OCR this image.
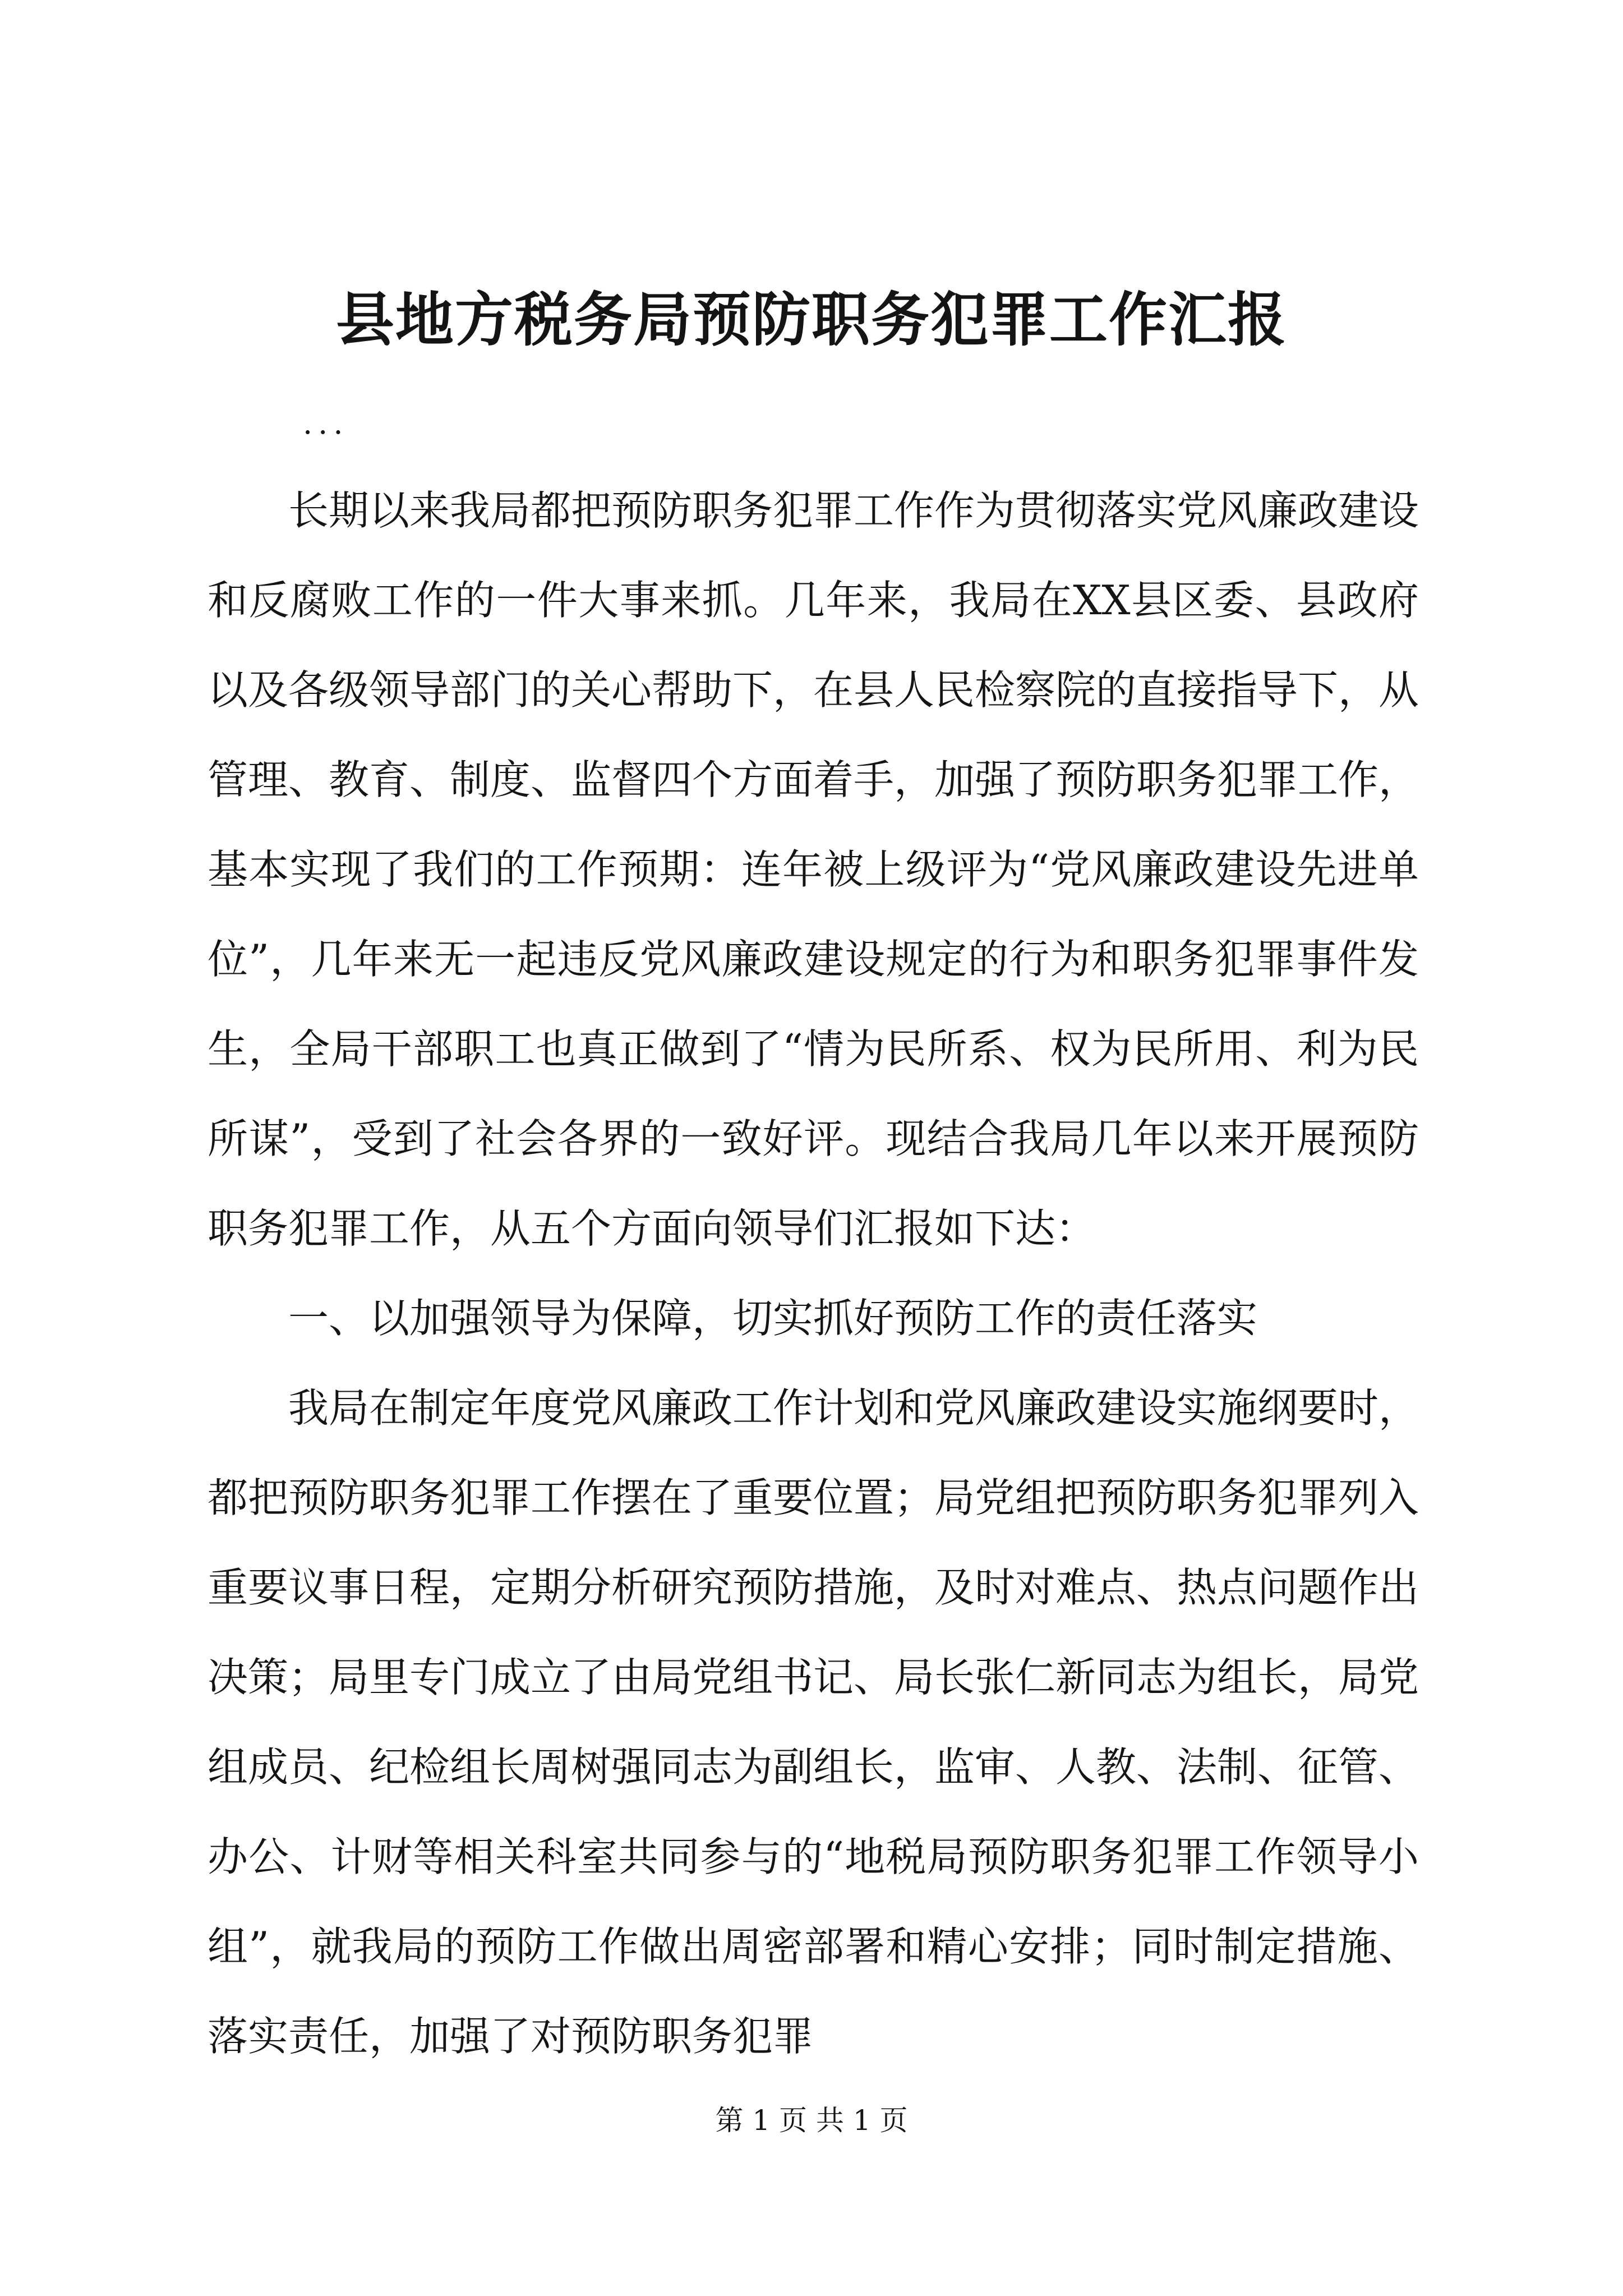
县地方税务局预防职务犯罪工作汇报
...

长期以来我局都把预防职务犯罪工作作为贯彻落实党风廉政建设和反腐败工作的一件大事来抓。几年来，我局在XX县区委、县政府以及各级领导部门的关心帮助下，在县人民检察院的直接指导下，从管理、教育、制度、监督四个方面着手，加强了预防职务犯罪工作，基本实现了我们的工作预期：连年被上级评为“党风廉政建设先进单位”，几年来无一起违反党风廉政建设规定的行为和职务犯罪事件发生，全局干部职工也真正做到了“情为民所系、权为民所用、利为民所谋”，受到了社会各界的一致好评。现结合我局几年以来开展预防职务犯罪工作，从五个方面向领导们汇报如下达：

一、以加强领导为保障，切实抓好预防工作的责任落实

我局在制定年度党风廉政工作计划和党风廉政建设实施纲要时，都把预防职务犯罪工作摆在了重要位置；局党组把预防职务犯罪列入重要议事日程，定期分析研究预防措施，及时对难点、热点问题作出决策；局里专门成立了由局党组书记、局长张仁新同志为组长，局党组成员、纪检组长周树强同志为副组长，监审、人教、法制、征管、办公、计财等相关科室共同参与的“地税局预防职务犯罪工作领导小组”，就我局的预防工作做出周密部署和精心安排；同时制定措施、落实责任，加强了对预防职务犯罪

第 1 页 共 1 页
